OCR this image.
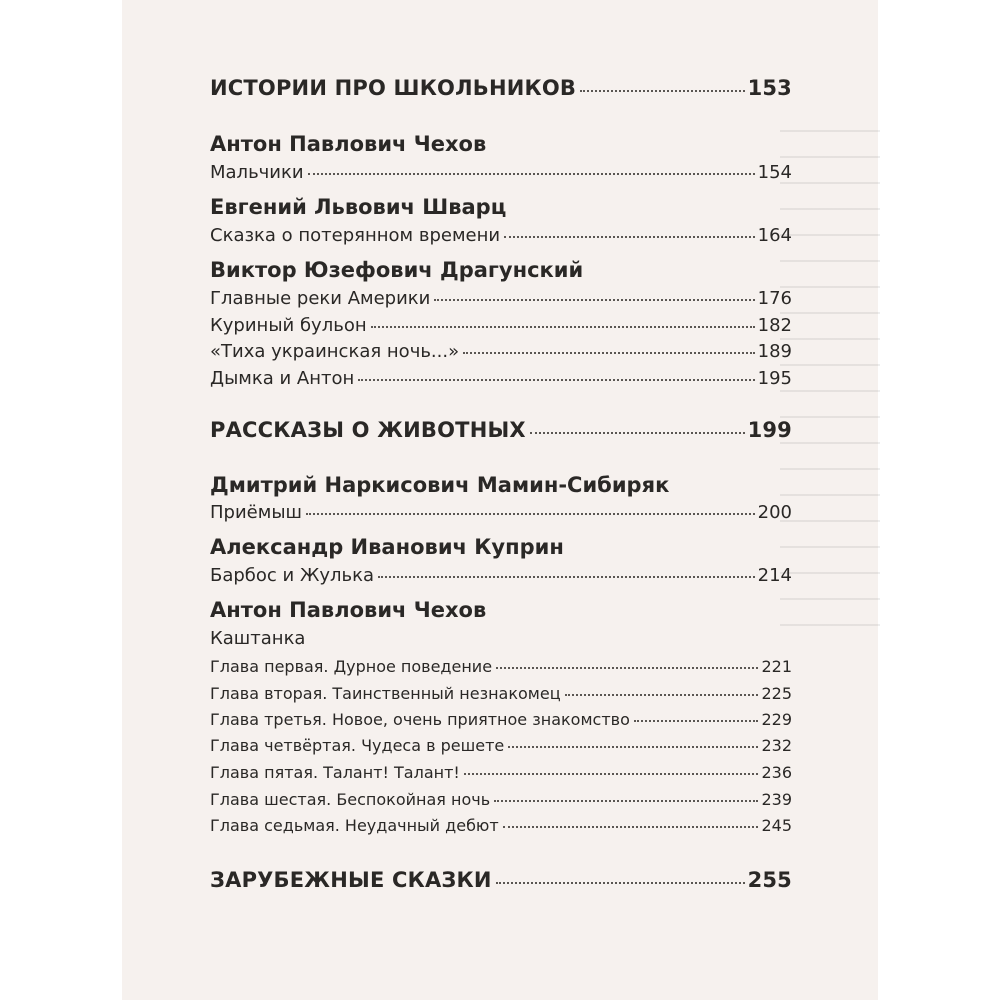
ИСТОРИИ ПРО ШКОЛЬНИКОВ	153
Антон Павлович Чехов
Мальчики	154
Евгений Львович Шварц
Сказка о потерянном времени	164
Виктор Юзефович Драгунский
Главные реки Америки	176
Куриный бульон	182
«Тиха украинская ночь...»	189
Дымка и Антон	195
РАССКАЗЫ О ЖИВОТНЫХ	199
Дмитрий Наркисович Мамин-Сибиряк
Приёмыш	200
Александр Иванович Куприн
Барбос и Жулька	214
Антон Павлович Чехов
Каштанка
Глава первая. Дурное поведение	221
Глава вторая. Таинственный незнакомец	225
Глава третья. Новое, очень приятное знакомство	229
Глава четвёртая. Чудеса в решете	232
Глава пятая. Талант! Талант!	236
Глава шестая. Беспокойная ночь	239
Глава седьмая. Неудачный дебют	245
ЗАРУБЕЖНЫЕ СКАЗКИ	255
